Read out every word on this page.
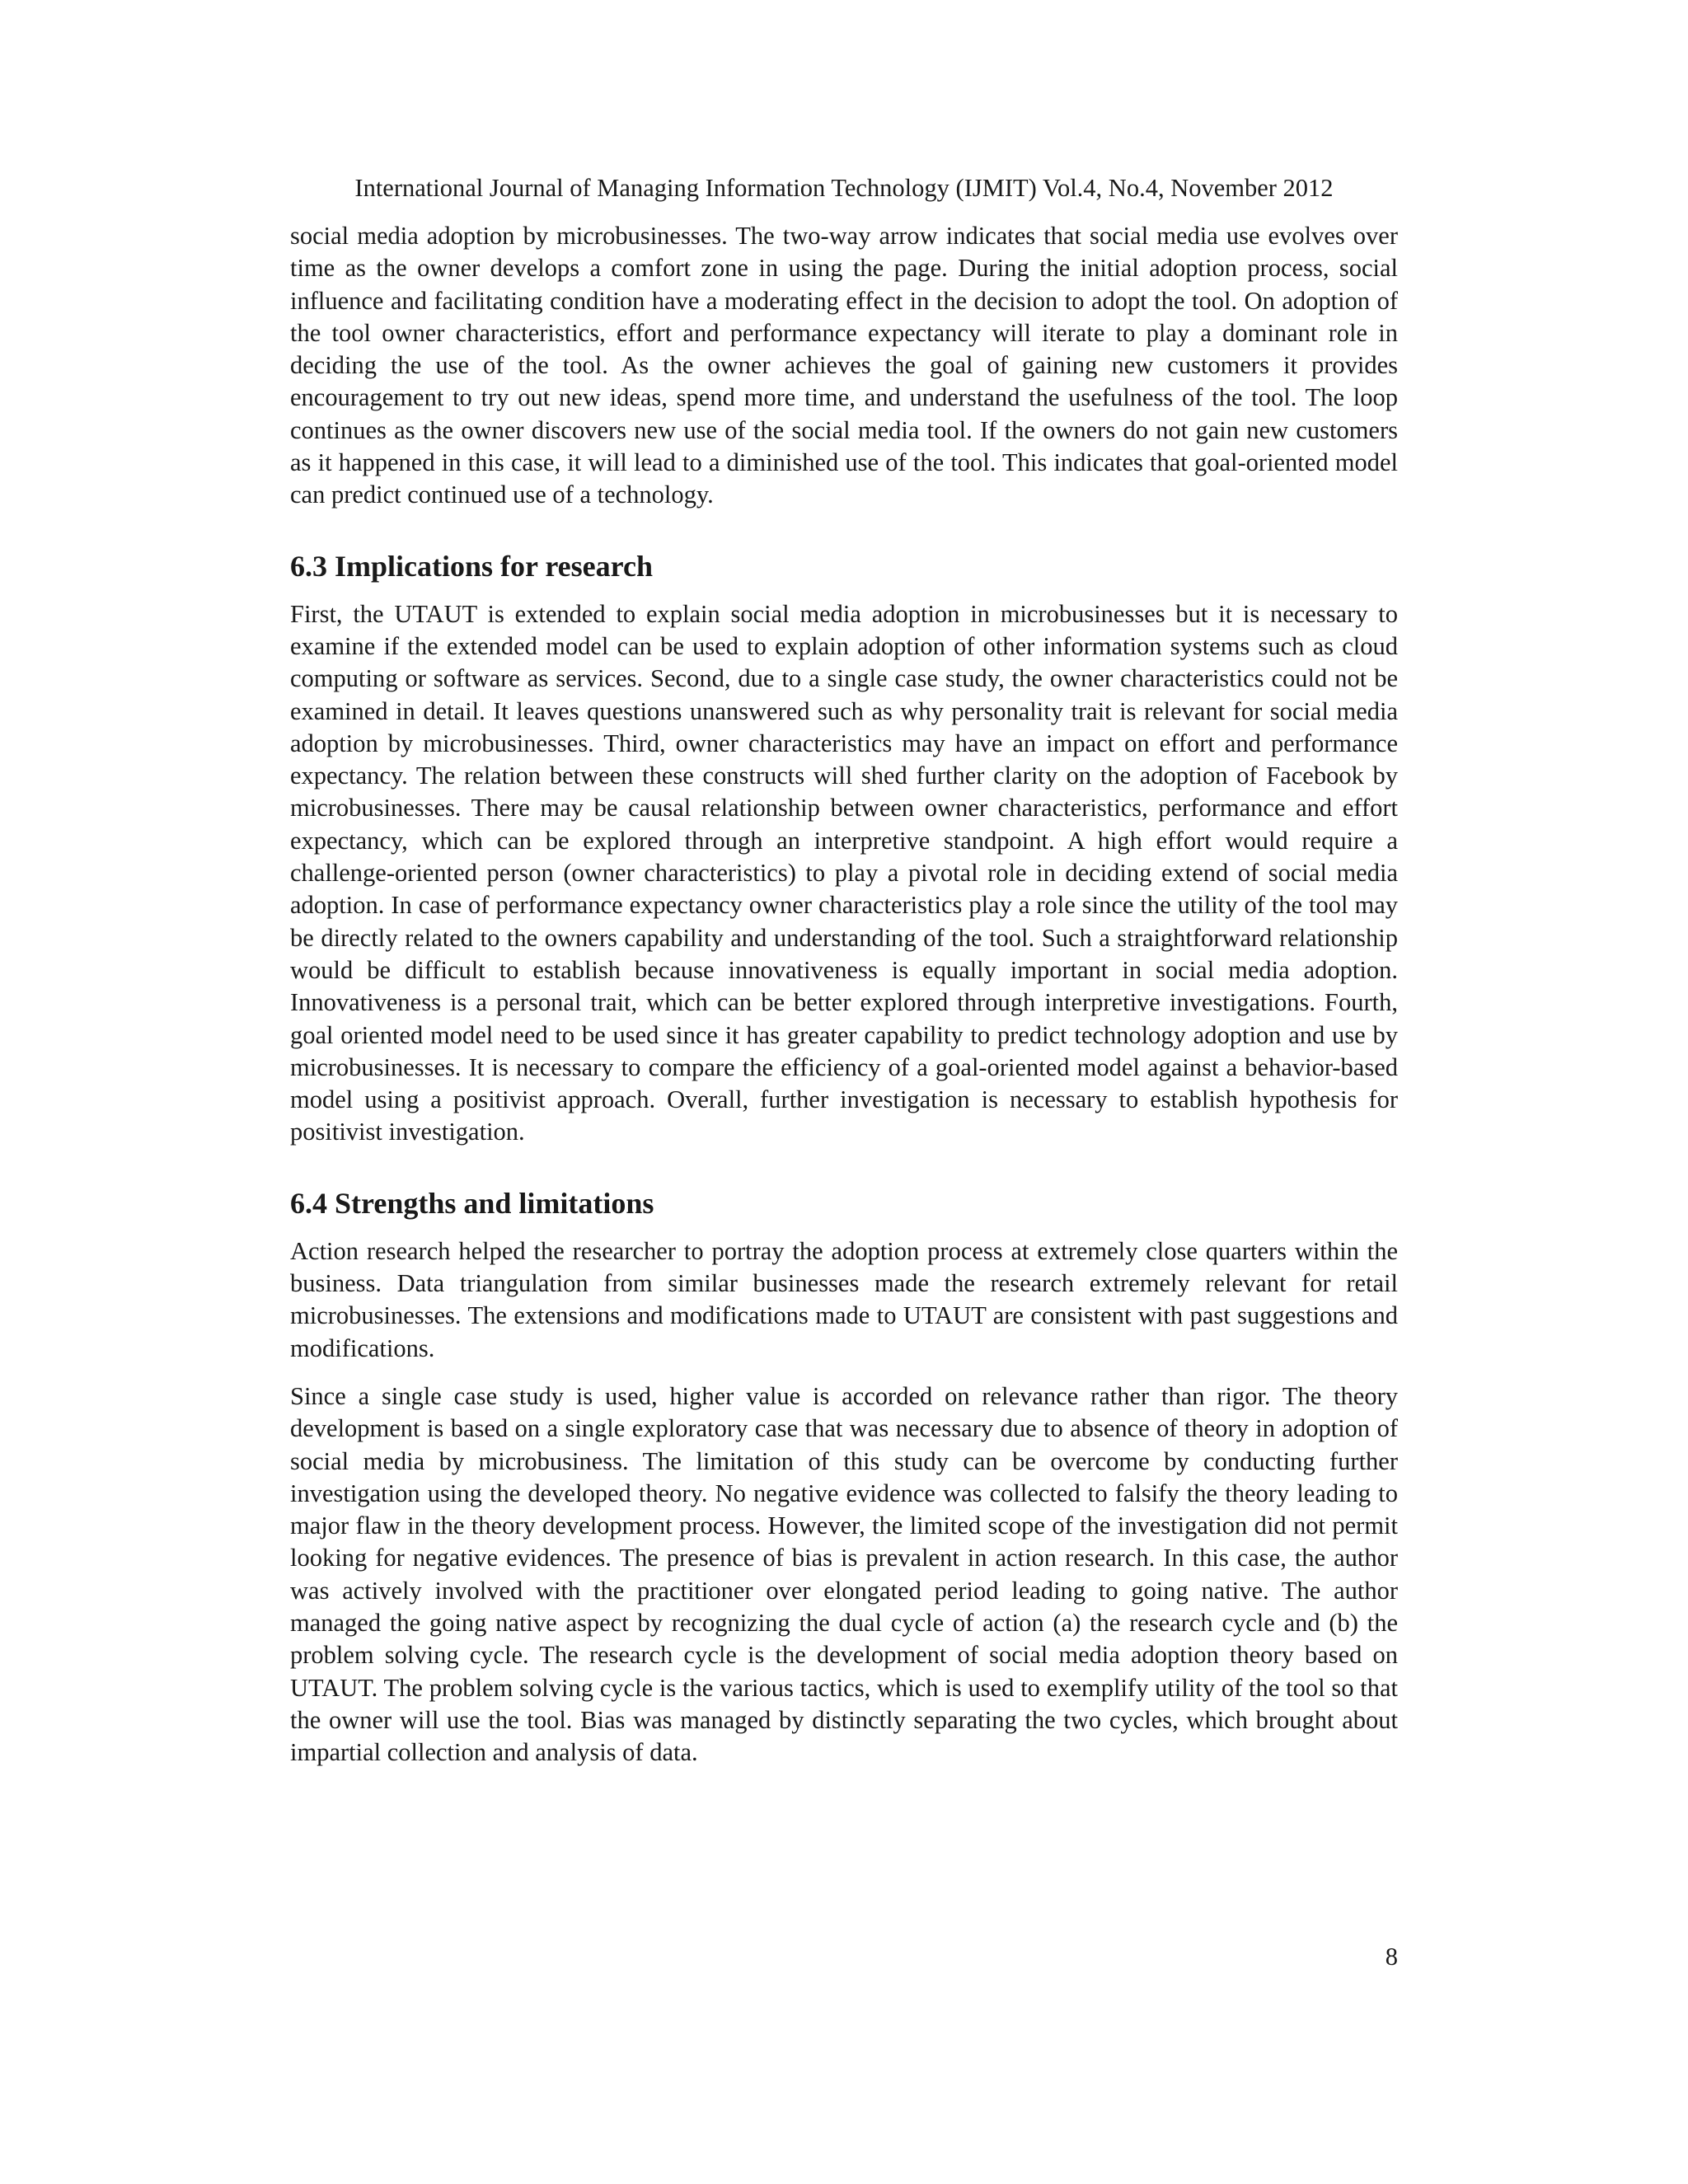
International Journal of Managing Information Technology (IJMIT) Vol.4, No.4, November 2012

social media adoption by microbusinesses. The two-way arrow indicates that social media use evolves over time as the owner develops a comfort zone in using the page. During the initial adoption process, social influence and facilitating condition have a moderating effect in the decision to adopt the tool. On adoption of the tool owner characteristics, effort and performance expectancy will iterate to play a dominant role in deciding the use of the tool. As the owner achieves the goal of gaining new customers it provides encouragement to try out new ideas, spend more time, and understand the usefulness of the tool. The loop continues as the owner discovers new use of the social media tool. If the owners do not gain new customers as it happened in this case, it will lead to a diminished use of the tool. This indicates that goal-oriented model can predict continued use of a technology.

6.3 Implications for research

First, the UTAUT is extended to explain social media adoption in microbusinesses but it is necessary to examine if the extended model can be used to explain adoption of other information systems such as cloud computing or software as services. Second, due to a single case study, the owner characteristics could not be examined in detail. It leaves questions unanswered such as why personality trait is relevant for social media adoption by microbusinesses. Third, owner characteristics may have an impact on effort and performance expectancy. The relation between these constructs will shed further clarity on the adoption of Facebook by microbusinesses. There may be causal relationship between owner characteristics, performance and effort expectancy, which can be explored through an interpretive standpoint. A high effort would require a challenge-oriented person (owner characteristics) to play a pivotal role in deciding extend of social media adoption. In case of performance expectancy owner characteristics play a role since the utility of the tool may be directly related to the owners capability and understanding of the tool. Such a straightforward relationship would be difficult to establish because innovativeness is equally important in social media adoption. Innovativeness is a personal trait, which can be better explored through interpretive investigations. Fourth, goal oriented model need to be used since it has greater capability to predict technology adoption and use by microbusinesses. It is necessary to compare the efficiency of a goal-oriented model against a behavior-based model using a positivist approach. Overall, further investigation is necessary to establish hypothesis for positivist investigation.

6.4 Strengths and limitations

Action research helped the researcher to portray the adoption process at extremely close quarters within the business. Data triangulation from similar businesses made the research extremely relevant for retail microbusinesses. The extensions and modifications made to UTAUT are consistent with past suggestions and modifications.

Since a single case study is used, higher value is accorded on relevance rather than rigor. The theory development is based on a single exploratory case that was necessary due to absence of theory in adoption of social media by microbusiness. The limitation of this study can be overcome by conducting further investigation using the developed theory. No negative evidence was collected to falsify the theory leading to major flaw in the theory development process. However, the limited scope of the investigation did not permit looking for negative evidences. The presence of bias is prevalent in action research. In this case, the author was actively involved with the practitioner over elongated period leading to going native. The author managed the going native aspect by recognizing the dual cycle of action (a) the research cycle and (b) the problem solving cycle. The research cycle is the development of social media adoption theory based on UTAUT. The problem solving cycle is the various tactics, which is used to exemplify utility of the tool so that the owner will use the tool. Bias was managed by distinctly separating the two cycles, which brought about impartial collection and analysis of data.

8
